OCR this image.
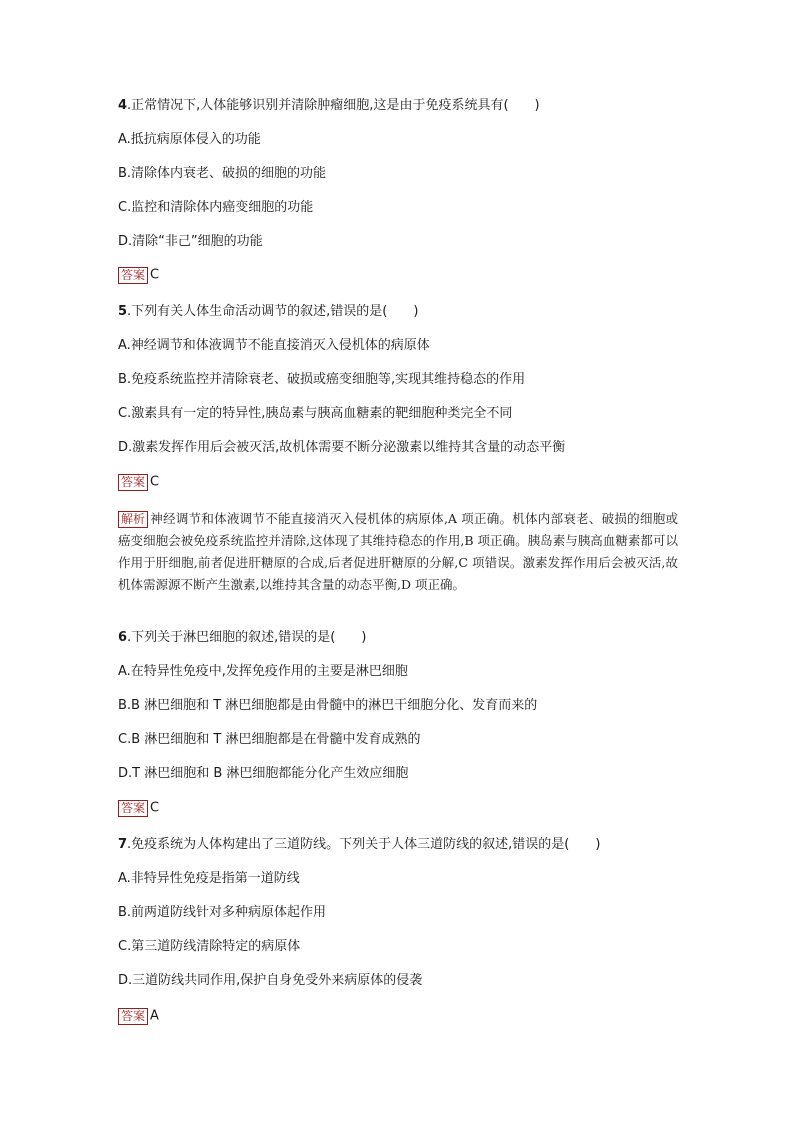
4.正常情况下,人体能够识别并清除肿瘤细胞,这是由于免疫系统具有(　　)
A.抵抗病原体侵入的功能
B.清除体内衰老、破损的细胞的功能
C.监控和清除体内癌变细胞的功能
D.清除“非己”细胞的功能
答案 C
5.下列有关人体生命活动调节的叙述,错误的是(　　)
A.神经调节和体液调节不能直接消灭入侵机体的病原体
B.免疫系统监控并清除衰老、破损或癌变细胞等,实现其维持稳态的作用
C.激素具有一定的特异性,胰岛素与胰高血糖素的靶细胞种类完全不同
D.激素发挥作用后会被灭活,故机体需要不断分泌激素以维持其含量的动态平衡
答案 C
解析 神经调节和体液调节不能直接消灭入侵机体的病原体,A 项正确。机体内部衰老、破损的细胞或癌变细胞会被免疫系统监控并清除,这体现了其维持稳态的作用,B 项正确。胰岛素与胰高血糖素都可以作用于肝细胞,前者促进肝糖原的合成,后者促进肝糖原的分解,C 项错误。激素发挥作用后会被灭活,故机体需源源不断产生激素,以维持其含量的动态平衡,D 项正确。
6.下列关于淋巴细胞的叙述,错误的是(　　)
A.在特异性免疫中,发挥免疫作用的主要是淋巴细胞
B.B 淋巴细胞和 T 淋巴细胞都是由骨髓中的淋巴干细胞分化、发育而来的
C.B 淋巴细胞和 T 淋巴细胞都是在骨髓中发育成熟的
D.T 淋巴细胞和 B 淋巴细胞都能分化产生效应细胞
答案 C
7.免疫系统为人体构建出了三道防线。下列关于人体三道防线的叙述,错误的是(　　)
A.非特异性免疫是指第一道防线
B.前两道防线针对多种病原体起作用
C.第三道防线清除特定的病原体
D.三道防线共同作用,保护自身免受外来病原体的侵袭
答案 A
